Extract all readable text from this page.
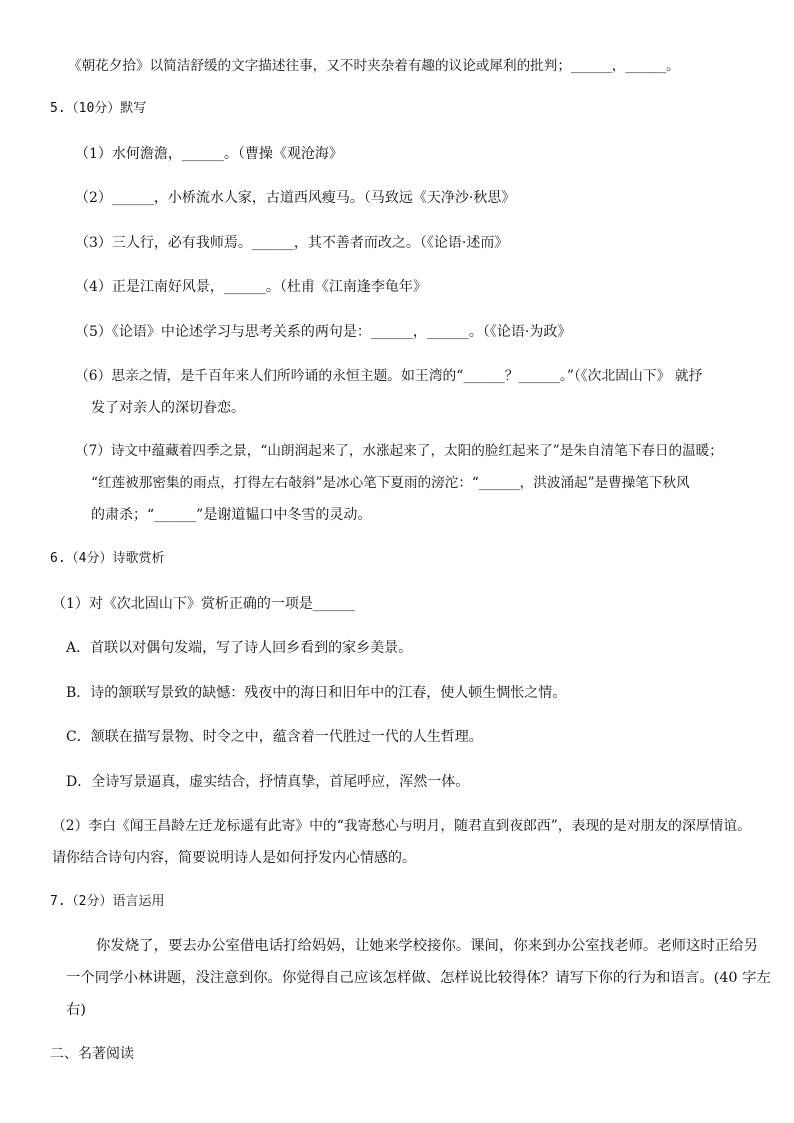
《朝花夕拾》以简洁舒缓的文字描述往事，又不时夹杂着有趣的议论或犀利的批判；______，______。
5.（10分）默写
（1）水何澹澹，______。（曹操《观沧海》
（2）______，小桥流水人家，古道西风瘦马。（马致远《天净沙·秋思》
（3）三人行，必有我师焉。______，其不善者而改之。（《论语·述而》
（4）正是江南好风景，______。（杜甫《江南逢李龟年》
（5）《论语》中论述学习与思考关系的两句是：______，______。（《论语·为政》
（6）思亲之情，是千百年来人们所吟诵的永恒主题。如王湾的“______？______。”（《次北固山下》 就抒
发了对亲人的深切眷恋。
（7）诗文中蕴藏着四季之景，“山朗润起来了，水涨起来了，太阳的脸红起来了”是朱自清笔下春日的温暖；
“红莲被那密集的雨点，打得左右敧斜”是冰心笔下夏雨的滂沱：“______，洪波涌起”是曹操笔下秋风
的肃杀；“______”是谢道韫口中冬雪的灵动。
6.（4分）诗歌赏析
（1）对《次北固山下》赏析正确的一项是______
A．首联以对偶句发端，写了诗人回乡看到的家乡美景。
B．诗的颔联写景致的缺憾：残夜中的海日和旧年中的江春，使人顿生惆怅之情。
C．颔联在描写景物、时令之中，蕴含着一代胜过一代的人生哲理。
D．全诗写景逼真，虚实结合，抒情真挚，首尾呼应，浑然一体。
（2）李白《闻王昌龄左迁龙标遥有此寄》中的“我寄愁心与明月，随君直到夜郎西”，表现的是对朋友的深厚情谊。
请你结合诗句内容，简要说明诗人是如何抒发内心情感的。
7.（2分）语言运用
你发烧了，要去办公室借电话打给妈妈，让她来学校接你。课间，你来到办公室找老师。老师这时正给另
一个同学小林讲题，没注意到你。你觉得自己应该怎样做、怎样说比较得体？请写下你的行为和语言。(40 字左
右)
二、名著阅读
